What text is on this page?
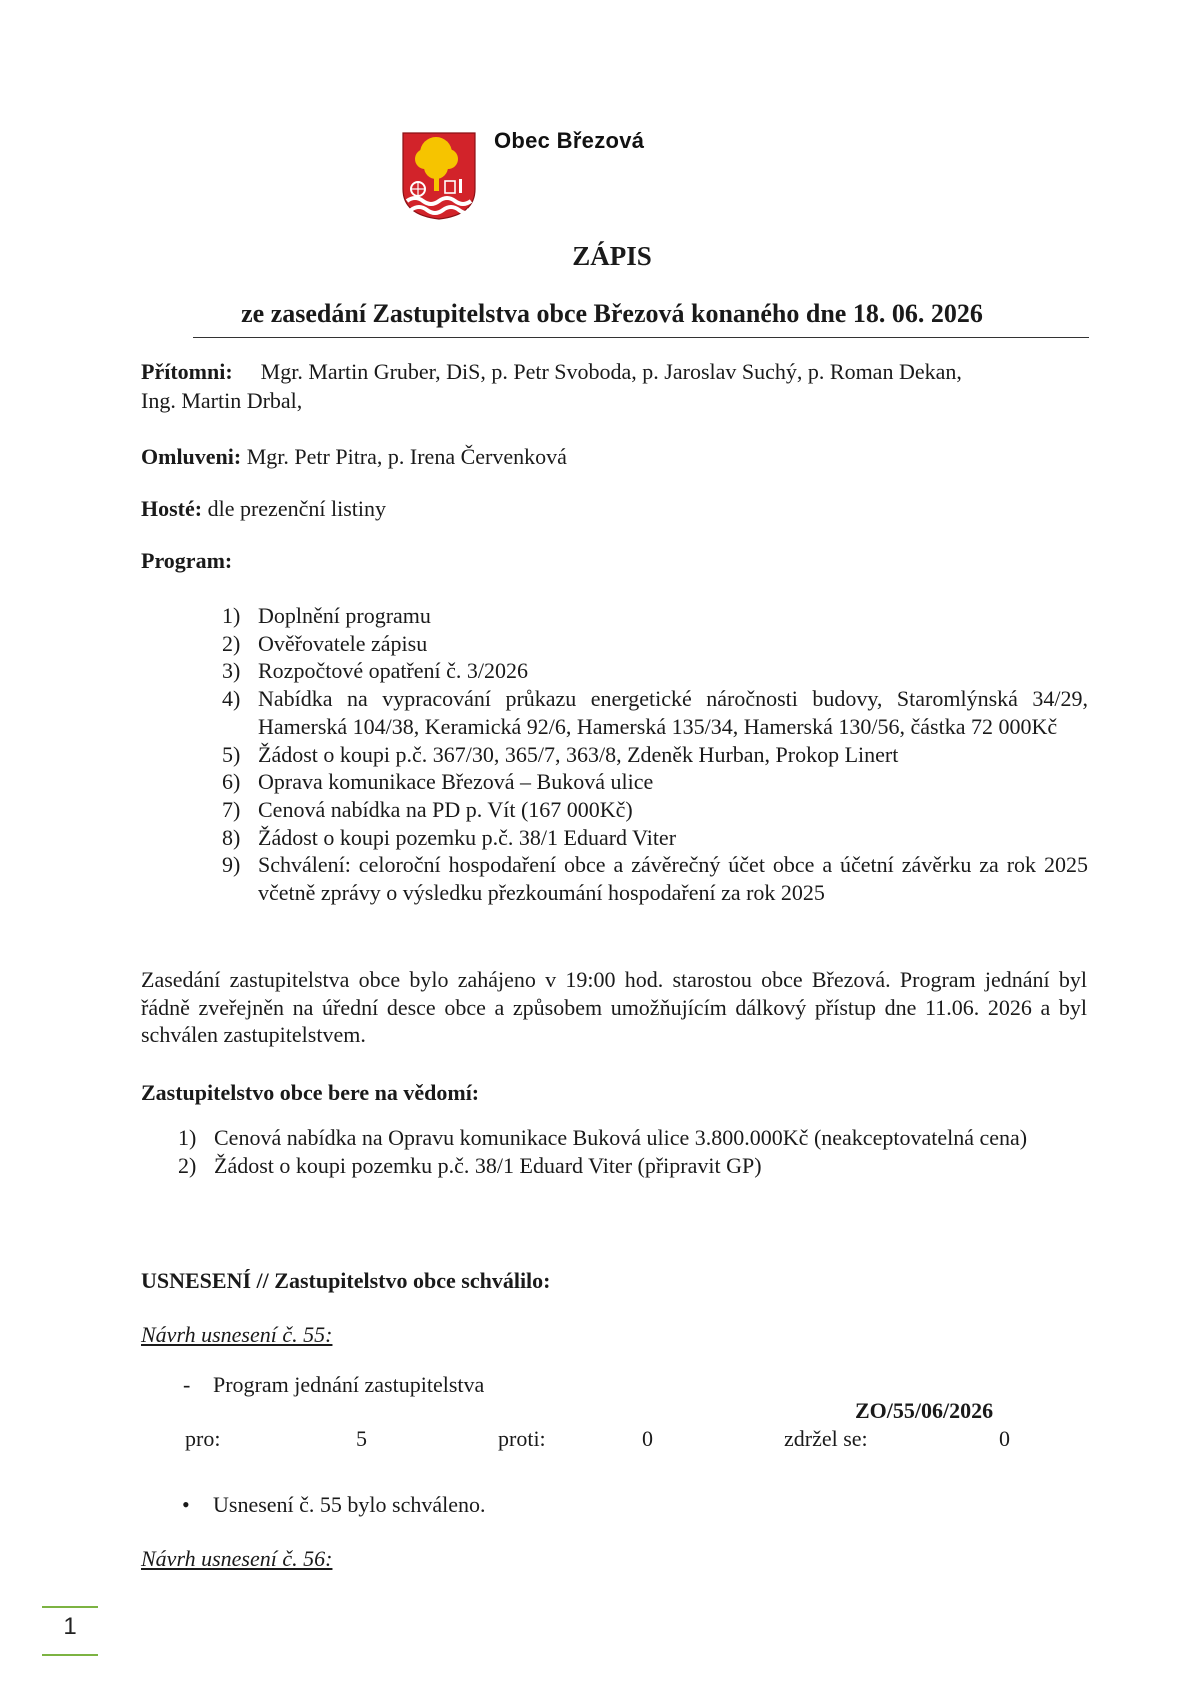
Obec Březová
ZÁPIS
ze zasedání Zastupitelstva obce Březová konaného dne 18. 06. 2026
Přítomni: Mgr. Martin Gruber, DiS, p. Petr Svoboda, p. Jaroslav Suchý, p. Roman Dekan,
Ing. Martin Drbal,
Omluveni: Mgr. Petr Pitra, p. Irena Červenková
Hosté: dle prezenční listiny
Program:
1) Doplnění programu
2) Ověřovatele zápisu
3) Rozpočtové opatření č. 3/2026
4) Nabídka na vypracování průkazu energetické náročnosti budovy, Staromlýnská 34/29, Hamerská 104/38, Keramická 92/6, Hamerská 135/34, Hamerská 130/56, částka 72 000Kč
5) Žádost o koupi p.č. 367/30, 365/7, 363/8, Zdeněk Hurban, Prokop Linert
6) Oprava komunikace Březová – Buková ulice
7) Cenová nabídka na PD p. Vít (167 000Kč)
8) Žádost o koupi pozemku p.č. 38/1 Eduard Viter
9) Schválení: celoroční hospodaření obce a závěrečný účet obce a účetní závěrku za rok 2025 včetně zprávy o výsledku přezkoumání hospodaření za rok 2025
Zasedání zastupitelstva obce bylo zahájeno v 19:00 hod. starostou obce Březová. Program jednání byl řádně zveřejněn na úřední desce obce a způsobem umožňujícím dálkový přístup dne 11.06. 2026 a byl schválen zastupitelstvem.
Zastupitelstvo obce bere na vědomí:
1) Cenová nabídka na Opravu komunikace Buková ulice 3.800.000Kč (neakceptovatelná cena)
2) Žádost o koupi pozemku p.č. 38/1 Eduard Viter (připravit GP)
USNESENÍ // Zastupitelstvo obce schválilo:
Návrh usnesení č. 55:
- Program jednání zastupitelstva
ZO/55/06/2026
pro:	5	proti:	0	zdržel se:	0
• Usnesení č. 55 bylo schváleno.
Návrh usnesení č. 56:
1
